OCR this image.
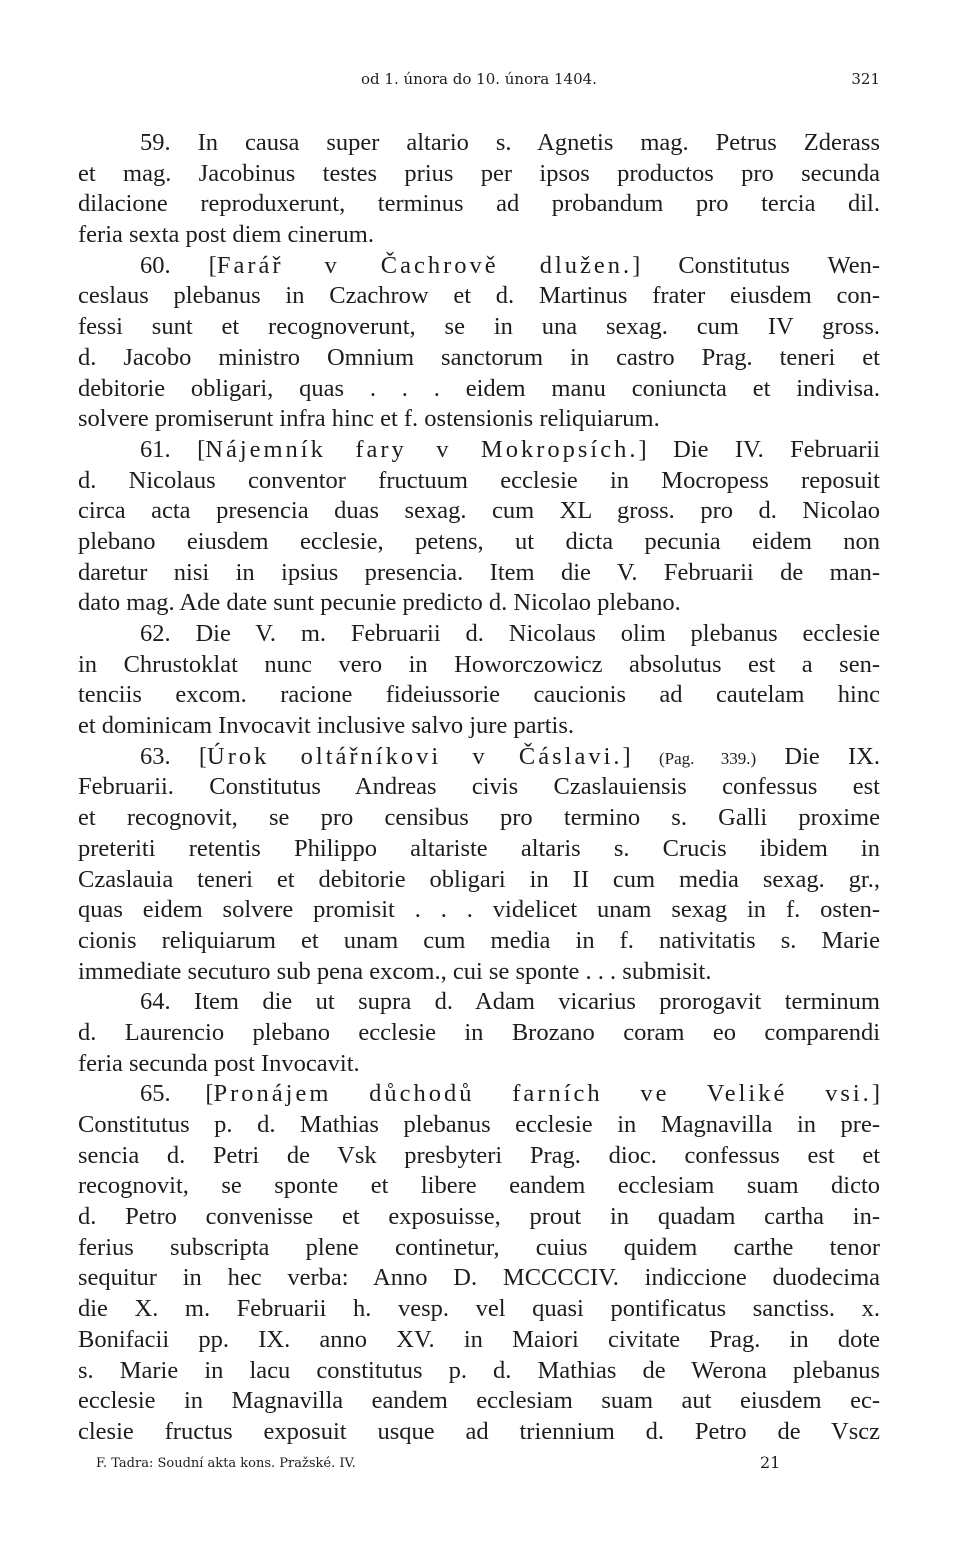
od 1. února do 10. února 1404.	321
59. In causa super altario s. Agnetis mag. Petrus Zderass
et mag. Jacobinus testes prius per ipsos productos pro secunda
dilacione reproduxerunt, terminus ad probandum pro tercia dil.
feria sexta post diem cinerum.
60. [Farář v Čachrově dlužen.] Constitutus Wen-
ceslaus plebanus in Czachrow et d. Martinus frater eiusdem con-
fessi sunt et recognoverunt, se in una sexag. cum IV gross.
d. Jacobo ministro Omnium sanctorum in castro Prag. teneri et
debitorie obligari, quas . . . eidem manu coniuncta et indivisa.
solvere promiserunt infra hinc et f. ostensionis reliquiarum.
61. [Nájemník fary v Mokropsích.] Die IV. Februarii
d. Nicolaus conventor fructuum ecclesie in Mocropess reposuit
circa acta presencia duas sexag. cum XL gross. pro d. Nicolao
plebano eiusdem ecclesie, petens, ut dicta pecunia eidem non
daretur nisi in ipsius presencia. Item die V. Februarii de man-
dato mag. Ade date sunt pecunie predicto d. Nicolao plebano.
62. Die V. m. Februarii d. Nicolaus olim plebanus ecclesie
in Chrustoklat nunc vero in Howorczowicz absolutus est a sen-
tenciis excom. racione fideiussorie caucionis ad cautelam hinc
et dominicam Invocavit inclusive salvo jure partis.
63. [Úrok oltářníkovi v Čáslavi.] (Pag. 339.) Die IX.
Februarii. Constitutus Andreas civis Czaslauiensis confessus est
et recognovit, se pro censibus pro termino s. Galli proxime
preteriti retentis Philippo altariste altaris s. Crucis ibidem in
Czaslauia teneri et debitorie obligari in II cum media sexag. gr.,
quas eidem solvere promisit . . . videlicet unam sexag in f. osten-
cionis reliquiarum et unam cum media in f. nativitatis s. Marie
immediate secuturo sub pena excom., cui se sponte . . . submisit.
64. Item die ut supra d. Adam vicarius prorogavit terminum
d. Laurencio plebano ecclesie in Brozano coram eo comparendi
feria secunda post Invocavit.
65. [Pronájem důchodů farních ve Veliké vsi.]
Constitutus p. d. Mathias plebanus ecclesie in Magnavilla in pre-
sencia d. Petri de Vsk presbyteri Prag. dioc. confessus est et
recognovit, se sponte et libere eandem ecclesiam suam dicto
d. Petro convenisse et exposuisse, prout in quadam cartha in-
ferius subscripta plene continetur, cuius quidem carthe tenor
sequitur in hec verba: Anno D. MCCCCIV. indiccione duodecima
die X. m. Februarii h. vesp. vel quasi pontificatus sanctiss. x.
Bonifacii pp. IX. anno XV. in Maiori civitate Prag. in dote
s. Marie in lacu constitutus p. d. Mathias de Werona plebanus
ecclesie in Magnavilla eandem ecclesiam suam aut eiusdem ec-
clesie fructus exposuit usque ad triennium d. Petro de Vscz
F. Tadra: Soudní akta kons. Pražské. IV.	21
